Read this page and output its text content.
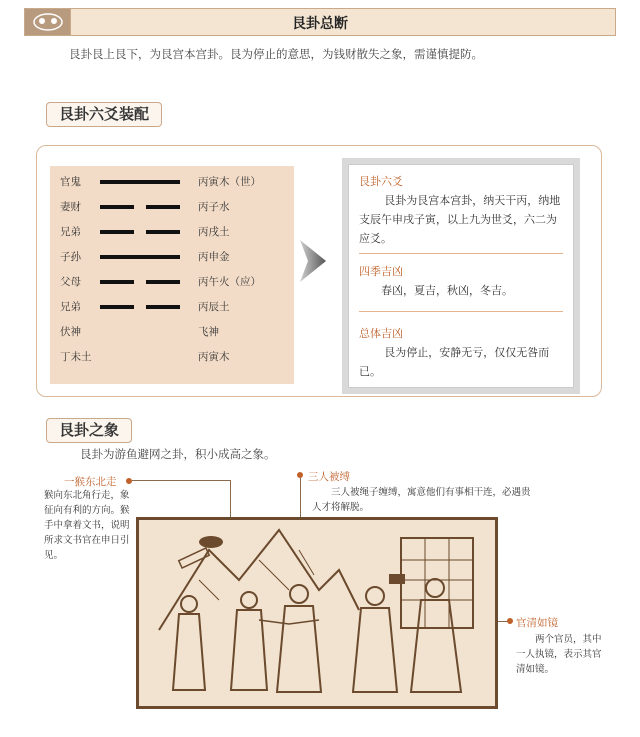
艮卦总断

艮卦艮上艮下，为艮宫本宫卦。艮为停止的意思，为钱财散失之象，需谨慎提防。

艮卦六爻装配
官鬼	丙寅木（世）
妻财	丙子水
兄弟	丙戌土
子孙	丙申金
父母	丙午火（应）
兄弟	丙辰土
伏神	飞神
丁未土	丙寅木
艮卦六爻
艮卦为艮宫本宫卦，纳天干丙，纳地支辰午申戌子寅，以上九为世爻，六二为应爻。
四季吉凶
春凶，夏吉，秋凶，冬吉。
总体吉凶
艮为停止，安静无亏，仅仅无咎而已。
艮卦之象

艮卦为游鱼避网之卦，积小成高之象。

一猴东北走
猴向东北角行走，象征向有利的方向。猴手中拿着文书，说明所求文书官在申日引见。
三人被缚
三人被绳子缠缚，寓意他们有事相干连，必遇贵人才将解脱。
官清如镜
两个官员，其中一人执镜，表示其官清如镜。
